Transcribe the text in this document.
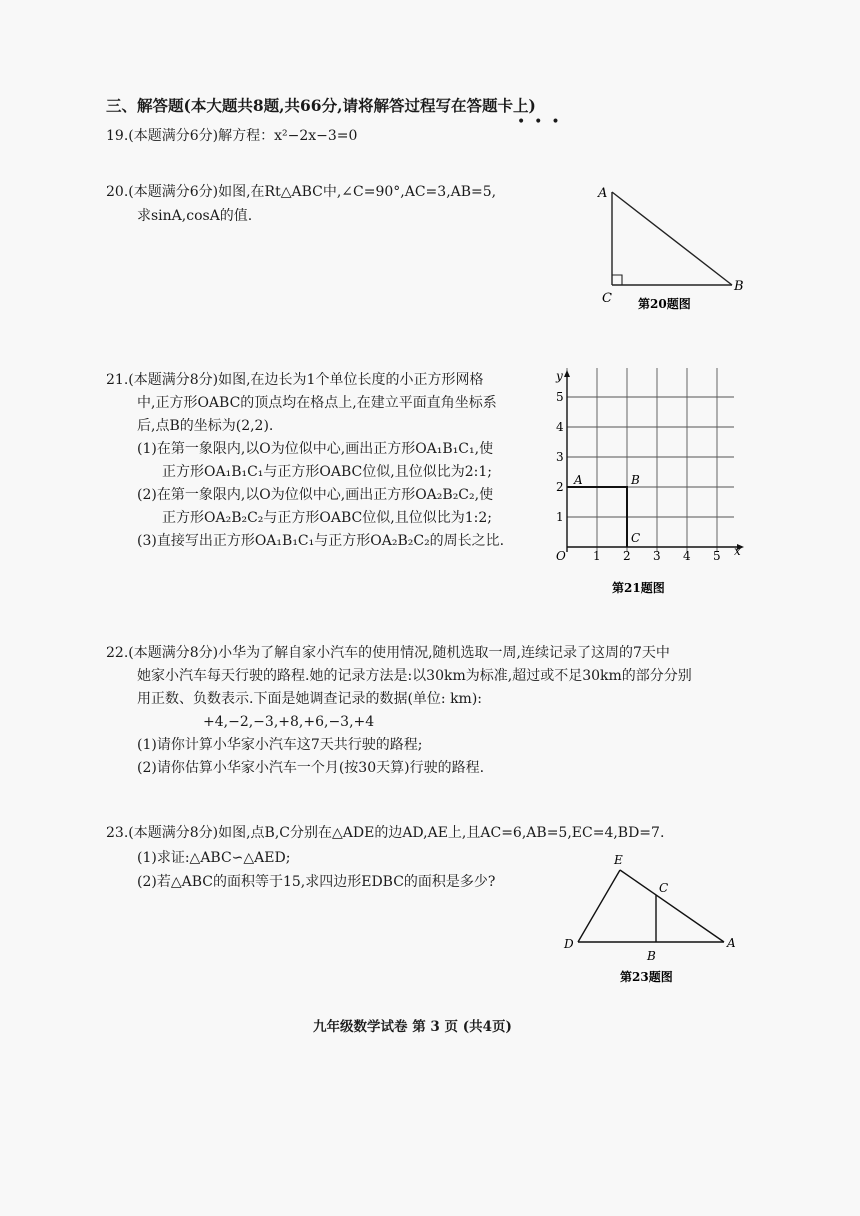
三、解答题(本大题共8题,共66分,请将解答过程写在答题卡上)
•  •  •
19.(本题满分6分)解方程：x²−2x−3=0
20.(本题满分6分)如图,在Rt△ABC中,∠C=90°,AC=3,AB=5,
求sinA,cosA的值.
A
B
C 第20题图
21.(本题满分8分)如图,在边长为1个单位长度的小正方形网格
中,正方形OABC的顶点均在格点上,在建立平面直角坐标系
后,点B的坐标为(2,2).
(1)在第一象限内,以O为位似中心,画出正方形OA₁B₁C₁,使
正方形OA₁B₁C₁与正方形OABC位似,且位似比为2:1;
(2)在第一象限内,以O为位似中心,画出正方形OA₂B₂C₂,使
正方形OA₂B₂C₂与正方形OABC位似,且位似比为1:2;
(3)直接写出正方形OA₁B₁C₁与正方形OA₂B₂C₂的周长之比.
x
y
O 1 2 3 4 5
1
2
3
4
5
A	B
C
第21题图
22.(本题满分8分)小华为了解自家小汽车的使用情况,随机选取一周,连续记录了这周的7天中
她家小汽车每天行驶的路程.她的记录方法是:以30km为标准,超过或不足30km的部分分别
用正数、负数表示.下面是她调查记录的数据(单位: km):
+4,−2,−3,+8,+6,−3,+4
(1)请你计算小华家小汽车这7天共行驶的路程;
(2)请你估算小华家小汽车一个月(按30天算)行驶的路程.
23.(本题满分8分)如图,点B,C分别在△ADE的边AD,AE上,且AC=6,AB=5,EC=4,BD=7.
(1)求证:△ABC∽△AED;
(2)若△ABC的面积等于15,求四边形EDBC的面积是多少?
E
C
D
B
A
第23题图
九年级数学试卷 第 3 页 (共4页)
